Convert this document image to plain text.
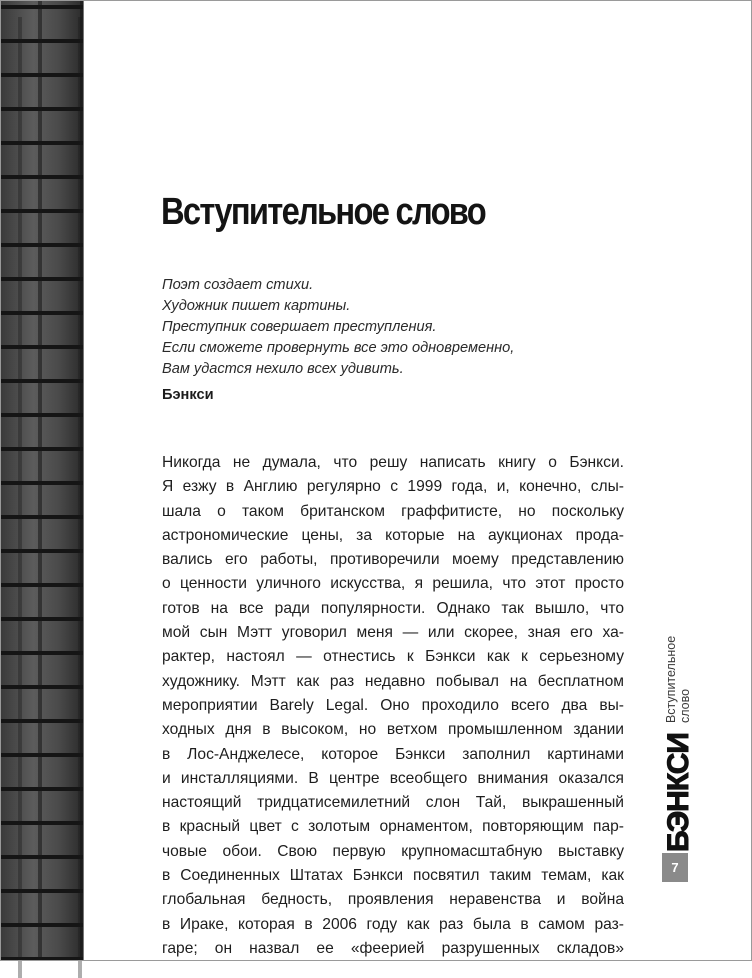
Вступительное слово
Поэт создает стихи.
Художник пишет картины.
Преступник совершает преступления.
Если сможете провернуть все это одновременно,
Вам удастся нехило всех удивить.
Бэнкси
Никогда не думала, что решу написать книгу о Бэнкси.
Я езжу в Англию регулярно с 1999 года, и, конечно, слы-
шала о таком британском граффитисте, но поскольку
астрономические цены, за которые на аукционах прода-
вались его работы, противоречили моему представлению
о ценности уличного искусства, я решила, что этот просто
готов на все ради популярности. Однако так вышло, что
мой сын Мэтт уговорил меня — или скорее, зная его ха-
рактер, настоял — отнестись к Бэнкси как к серьезному
художнику. Мэтт как раз недавно побывал на бесплатном
мероприятии Barely Legal. Оно проходило всего два вы-
ходных дня в высоком, но ветхом промышленном здании
в Лос-Анджелесе, которое Бэнкси заполнил картинами
и инсталляциями. В центре всеобщего внимания оказался
настоящий тридцатисемилетний слон Тай, выкрашенный
в красный цвет с золотым орнаментом, повторяющим пар-
човые обои. Свою первую крупномасштабную выставку
в Соединенных Штатах Бэнкси посвятил таким темам, как
глобальная бедность, проявления неравенства и война
в Ираке, которая в 2006 году как раз была в самом раз-
гаре; он назвал ее «феерией разрушенных складов»
БЭНКСИ
Вступительное
слово
7
